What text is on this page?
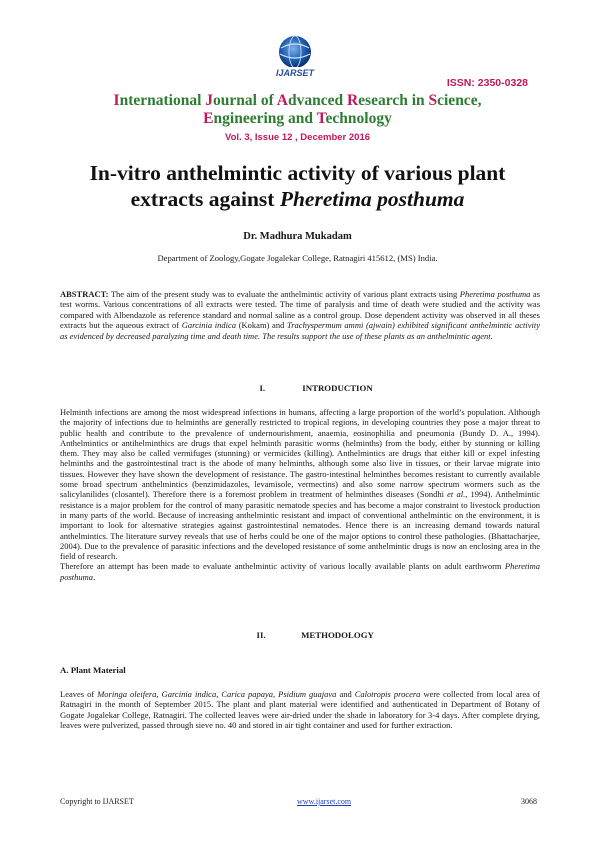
IJARSET
ISSN: 2350-0328
International Journal of Advanced Research in Science,
Engineering and Technology
Vol. 3, Issue 12 , December 2016
In-vitro anthelmintic activity of various plant
extracts against Pheretima posthuma
Dr. Madhura Mukadam
Department of Zoology,Gogate Jogalekar College, Ratnagiri 415612, (MS) India.
ABSTRACT: The aim of the present study was to evaluate the anthelmintic activity of various plant extracts using Pheretima posthuma as test worms. Various concentrations of all extracts were tested. The time of paralysis and time of death were studied and the activity was compared with Albendazole as reference standard and normal saline as a control group. Dose dependent activity was observed in all theses extracts but the aqueous extract of Garcinia indica (Kokam) and Trachyspermum ammi (ajwain) exhibited significant anthelmintic activity as evidenced by decreased paralyzing time and death time. The results support the use of these plants as an anthelmintic agent.
I.	INTRODUCTION

Helminth infections are among the most widespread infections in humans, affecting a large proportion of the world’s population. Although the majority of infections due to helminths are generally restricted to tropical regions, in developing countries they pose a major threat to public health and contribute to the prevalence of undernourishment, anaemia, eosinophilia and pneumonia (Bundy D. A., 1994). Anthelmintics or antihelminthics are drugs that expel helminth parasitic worms (helminths) from the body, either by stunning or killing them. They may also be called vermifuges (stunning) or vermicides (killing). Anthelmintics are drugs that either kill or expel infesting helminths and the gastrointestinal tract is the abode of many helminths, although some also live in tissues, or their larvae migrate into tissues. However they have shown the development of resistance. The gastro-intestinal helminthes becomes resistant to currently available some broad spectrum anthelmintics (benzimidazoles, levamisole, vermectins) and also some narrow spectrum wormers such as the salicylanilides (closantel). Therefore there is a foremost problem in treatment of helminthes diseases (Sondhi et al., 1994). Anthelmintic resistance is a major problem for the control of many parasitic nematode species and has become a major constraint to livestock production in many parts of the world. Because of increasing anthelmintic resistant and impact of conventional anthelmintic on the environment, it is important to look for alternative strategies against gastrointestinal nematodes. Hence there is an increasing demand towards natural anthelmintics. The literature survey reveals that use of herbs could be one of the major options to control these pathologies. (Bhattacharjee, 2004). Due to the prevalence of parasitic infections and the developed resistance of some anthelmintic drugs is now an enclosing area in the field of research.

Therefore an attempt has been made to evaluate anthelmintic activity of various locally available plants on adult earthworm Pheretima posthuma.

II.	METHODOLOGY
A. Plant Material
Leaves of Moringa oleifera, Garcinia indica, Carica papaya, Psidium guajava and Calotropis procera were collected from local area of Ratnagiri in the month of September 2015. The plant and plant material were identified and authenticated in Department of Botany of Gogate Jogalekar College, Ratnagiri. The collected leaves were air-dried under the shade in laboratory for 3-4 days. After complete drying, leaves were pulverized, passed through sieve no. 40 and stored in air tight container and used for further extraction.
Copyright to IJARSET	www.ijarset.com	3068
